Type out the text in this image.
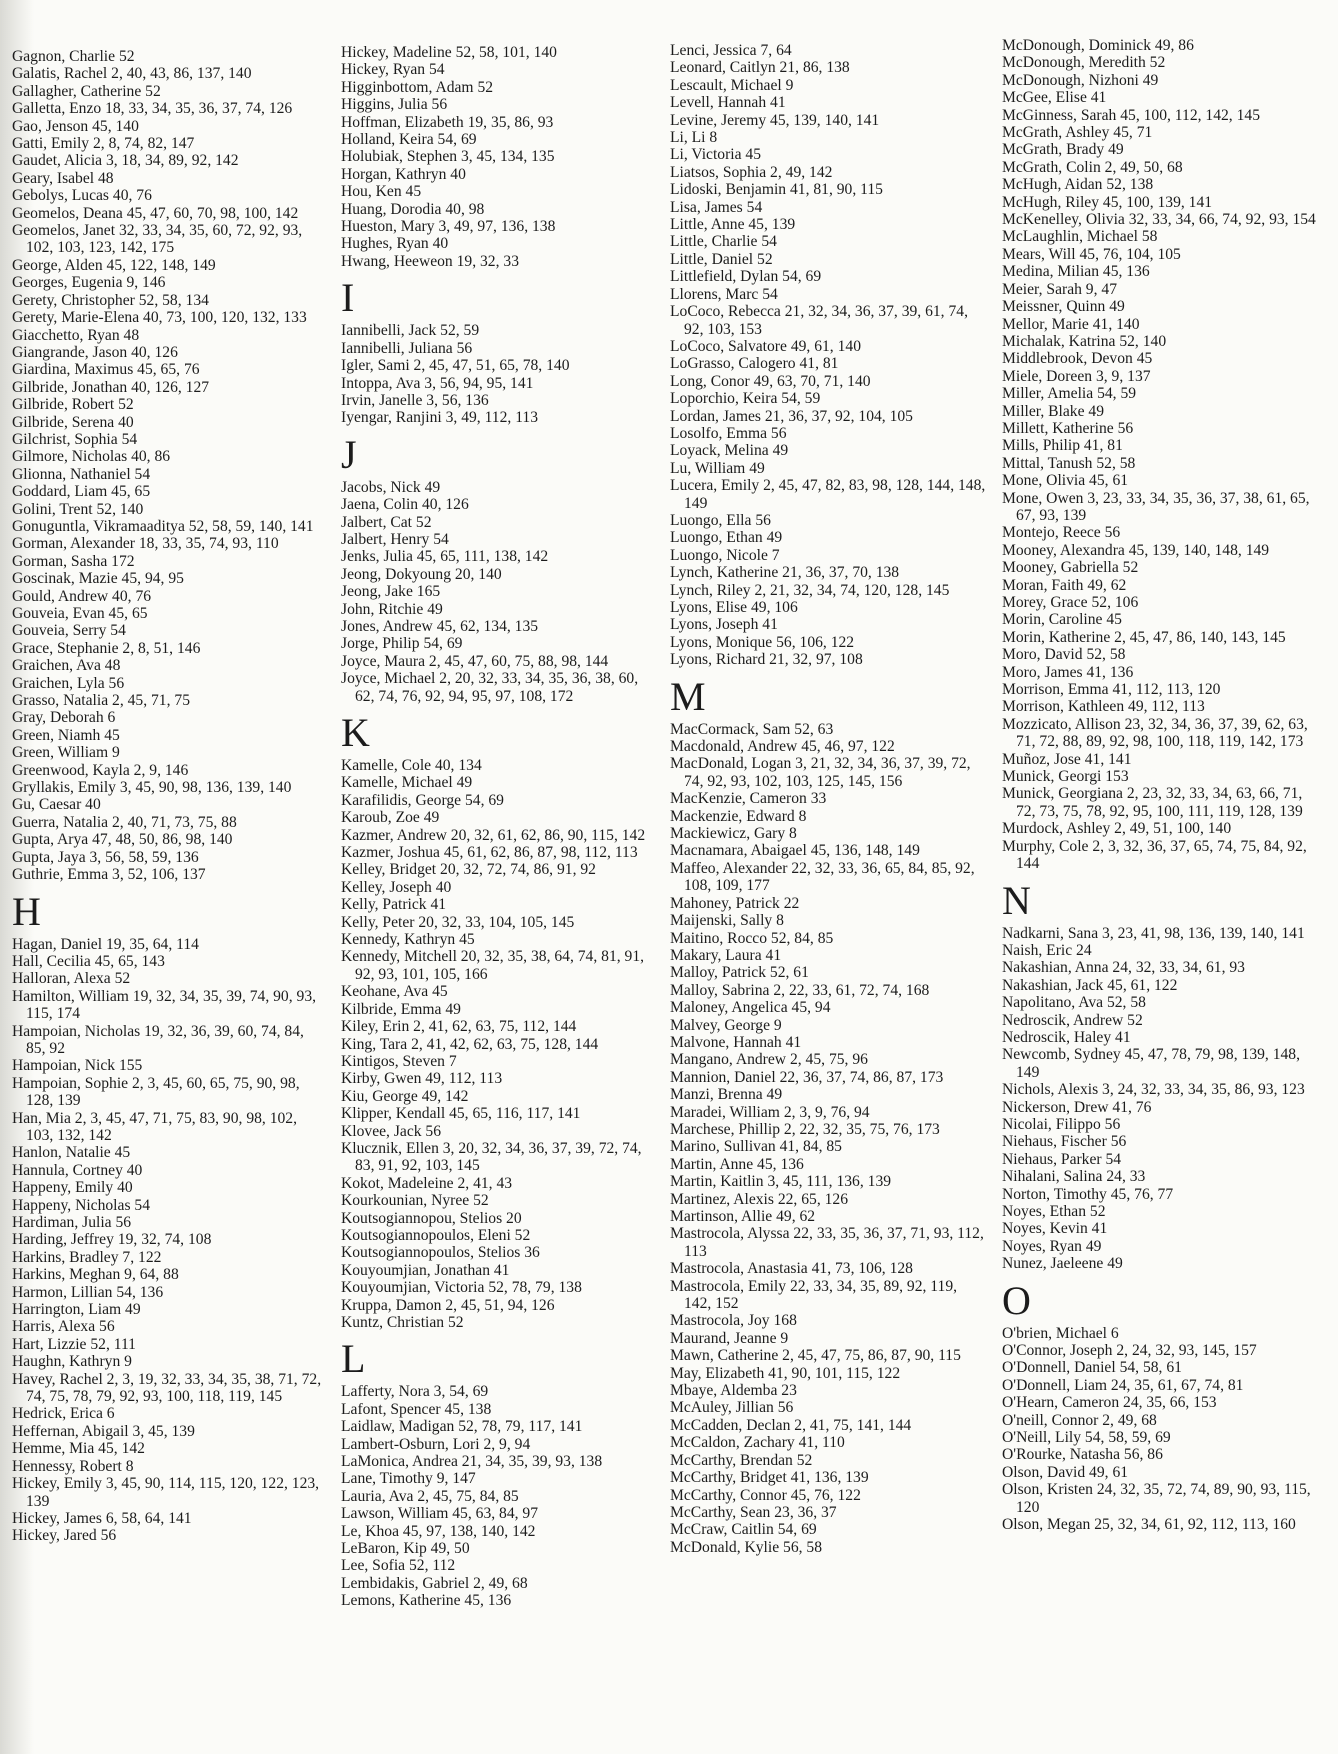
Gagnon, Charlie 52
Galatis, Rachel 2, 40, 43, 86, 137, 140
Gallagher, Catherine 52
Galletta, Enzo 18, 33, 34, 35, 36, 37, 74, 126
Gao, Jenson 45, 140
Gatti, Emily 2, 8, 74, 82, 147
Gaudet, Alicia 3, 18, 34, 89, 92, 142
Geary, Isabel 48
Gebolys, Lucas 40, 76
Geomelos, Deana 45, 47, 60, 70, 98, 100, 142
Geomelos, Janet 32, 33, 34, 35, 60, 72, 92, 93, 102, 103, 123, 142, 175
George, Alden 45, 122, 148, 149
Georges, Eugenia 9, 146
Gerety, Christopher 52, 58, 134
Gerety, Marie-Elena 40, 73, 100, 120, 132, 133
Giacchetto, Ryan 48
Giangrande, Jason 40, 126
Giardina, Maximus 45, 65, 76
Gilbride, Jonathan 40, 126, 127
Gilbride, Robert 52
Gilbride, Serena 40
Gilchrist, Sophia 54
Gilmore, Nicholas 40, 86
Glionna, Nathaniel 54
Goddard, Liam 45, 65
Golini, Trent 52, 140
Gonuguntla, Vikramaaditya 52, 58, 59, 140, 141
Gorman, Alexander 18, 33, 35, 74, 93, 110
Gorman, Sasha 172
Goscinak, Mazie 45, 94, 95
Gould, Andrew 40, 76
Gouveia, Evan 45, 65
Gouveia, Serry 54
Grace, Stephanie 2, 8, 51, 146
Graichen, Ava 48
Graichen, Lyla 56
Grasso, Natalia 2, 45, 71, 75
Gray, Deborah 6
Green, Niamh 45
Green, William 9
Greenwood, Kayla 2, 9, 146
Gryllakis, Emily 3, 45, 90, 98, 136, 139, 140
Gu, Caesar 40
Guerra, Natalia 2, 40, 71, 73, 75, 88
Gupta, Arya 47, 48, 50, 86, 98, 140
Gupta, Jaya 3, 56, 58, 59, 136
Guthrie, Emma 3, 52, 106, 137
H
Hagan, Daniel 19, 35, 64, 114
Hall, Cecilia 45, 65, 143
Halloran, Alexa 52
Hamilton, William 19, 32, 34, 35, 39, 74, 90, 93, 115, 174
Hampoian, Nicholas 19, 32, 36, 39, 60, 74, 84, 85, 92
Hampoian, Nick 155
Hampoian, Sophie 2, 3, 45, 60, 65, 75, 90, 98, 128, 139
Han, Mia 2, 3, 45, 47, 71, 75, 83, 90, 98, 102, 103, 132, 142
Hanlon, Natalie 45
Hannula, Cortney 40
Happeny, Emily 40
Happeny, Nicholas 54
Hardiman, Julia 56
Harding, Jeffrey 19, 32, 74, 108
Harkins, Bradley 7, 122
Harkins, Meghan 9, 64, 88
Harmon, Lillian 54, 136
Harrington, Liam 49
Harris, Alexa 56
Hart, Lizzie 52, 111
Haughn, Kathryn 9
Havey, Rachel 2, 3, 19, 32, 33, 34, 35, 38, 71, 72, 74, 75, 78, 79, 92, 93, 100, 118, 119, 145
Hedrick, Erica 6
Heffernan, Abigail 3, 45, 139
Hemme, Mia 45, 142
Hennessy, Robert 8
Hickey, Emily 3, 45, 90, 114, 115, 120, 122, 123, 139
Hickey, James 6, 58, 64, 141
Hickey, Jared 56
Hickey, Madeline 52, 58, 101, 140
Hickey, Ryan 54
Higginbottom, Adam 52
Higgins, Julia 56
Hoffman, Elizabeth 19, 35, 86, 93
Holland, Keira 54, 69
Holubiak, Stephen 3, 45, 134, 135
Horgan, Kathryn 40
Hou, Ken 45
Huang, Dorodia 40, 98
Hueston, Mary 3, 49, 97, 136, 138
Hughes, Ryan 40
Hwang, Heeweon 19, 32, 33
I
Iannibelli, Jack 52, 59
Iannibelli, Juliana 56
Igler, Sami 2, 45, 47, 51, 65, 78, 140
Intoppa, Ava 3, 56, 94, 95, 141
Irvin, Janelle 3, 56, 136
Iyengar, Ranjini 3, 49, 112, 113
J
Jacobs, Nick 49
Jaena, Colin 40, 126
Jalbert, Cat 52
Jalbert, Henry 54
Jenks, Julia 45, 65, 111, 138, 142
Jeong, Dokyoung 20, 140
Jeong, Jake 165
John, Ritchie 49
Jones, Andrew 45, 62, 134, 135
Jorge, Philip 54, 69
Joyce, Maura 2, 45, 47, 60, 75, 88, 98, 144
Joyce, Michael 2, 20, 32, 33, 34, 35, 36, 38, 60, 62, 74, 76, 92, 94, 95, 97, 108, 172
K
Kamelle, Cole 40, 134
Kamelle, Michael 49
Karafilidis, George 54, 69
Karoub, Zoe 49
Kazmer, Andrew 20, 32, 61, 62, 86, 90, 115, 142
Kazmer, Joshua 45, 61, 62, 86, 87, 98, 112, 113
Kelley, Bridget 20, 32, 72, 74, 86, 91, 92
Kelley, Joseph 40
Kelly, Patrick 41
Kelly, Peter 20, 32, 33, 104, 105, 145
Kennedy, Kathryn 45
Kennedy, Mitchell 20, 32, 35, 38, 64, 74, 81, 91, 92, 93, 101, 105, 166
Keohane, Ava 45
Kilbride, Emma 49
Kiley, Erin 2, 41, 62, 63, 75, 112, 144
King, Tara 2, 41, 42, 62, 63, 75, 128, 144
Kintigos, Steven 7
Kirby, Gwen 49, 112, 113
Kiu, George 49, 142
Klipper, Kendall 45, 65, 116, 117, 141
Klovee, Jack 56
Klucznik, Ellen 3, 20, 32, 34, 36, 37, 39, 72, 74, 83, 91, 92, 103, 145
Kokot, Madeleine 2, 41, 43
Kourkounian, Nyree 52
Koutsogiannopou, Stelios 20
Koutsogiannopoulos, Eleni 52
Koutsogiannopoulos, Stelios 36
Kouyoumjian, Jonathan 41
Kouyoumjian, Victoria 52, 78, 79, 138
Kruppa, Damon 2, 45, 51, 94, 126
Kuntz, Christian 52
L
Lafferty, Nora 3, 54, 69
Lafont, Spencer 45, 138
Laidlaw, Madigan 52, 78, 79, 117, 141
Lambert-Osburn, Lori 2, 9, 94
LaMonica, Andrea 21, 34, 35, 39, 93, 138
Lane, Timothy 9, 147
Lauria, Ava 2, 45, 75, 84, 85
Lawson, William 45, 63, 84, 97
Le, Khoa 45, 97, 138, 140, 142
LeBaron, Kip 49, 50
Lee, Sofia 52, 112
Lembidakis, Gabriel 2, 49, 68
Lemons, Katherine 45, 136
Lenci, Jessica 7, 64
Leonard, Caitlyn 21, 86, 138
Lescault, Michael 9
Levell, Hannah 41
Levine, Jeremy 45, 139, 140, 141
Li, Li 8
Li, Victoria 45
Liatsos, Sophia 2, 49, 142
Lidoski, Benjamin 41, 81, 90, 115
Lisa, James 54
Little, Anne 45, 139
Little, Charlie 54
Little, Daniel 52
Littlefield, Dylan 54, 69
Llorens, Marc 54
LoCoco, Rebecca 21, 32, 34, 36, 37, 39, 61, 74, 92, 103, 153
LoCoco, Salvatore 49, 61, 140
LoGrasso, Calogero 41, 81
Long, Conor 49, 63, 70, 71, 140
Loporchio, Keira 54, 59
Lordan, James 21, 36, 37, 92, 104, 105
Losolfo, Emma 56
Loyack, Melina 49
Lu, William 49
Lucera, Emily 2, 45, 47, 82, 83, 98, 128, 144, 148, 149
Luongo, Ella 56
Luongo, Ethan 49
Luongo, Nicole 7
Lynch, Katherine 21, 36, 37, 70, 138
Lynch, Riley 2, 21, 32, 34, 74, 120, 128, 145
Lyons, Elise 49, 106
Lyons, Joseph 41
Lyons, Monique 56, 106, 122
Lyons, Richard 21, 32, 97, 108
M
MacCormack, Sam 52, 63
Macdonald, Andrew 45, 46, 97, 122
MacDonald, Logan 3, 21, 32, 34, 36, 37, 39, 72, 74, 92, 93, 102, 103, 125, 145, 156
MacKenzie, Cameron 33
Mackenzie, Edward 8
Mackiewicz, Gary 8
Macnamara, Abaigael 45, 136, 148, 149
Maffeo, Alexander 22, 32, 33, 36, 65, 84, 85, 92, 108, 109, 177
Mahoney, Patrick 22
Maijenski, Sally 8
Maitino, Rocco 52, 84, 85
Makary, Laura 41
Malloy, Patrick 52, 61
Malloy, Sabrina 2, 22, 33, 61, 72, 74, 168
Maloney, Angelica 45, 94
Malvey, George 9
Malvone, Hannah 41
Mangano, Andrew 2, 45, 75, 96
Mannion, Daniel 22, 36, 37, 74, 86, 87, 173
Manzi, Brenna 49
Maradei, William 2, 3, 9, 76, 94
Marchese, Phillip 2, 22, 32, 35, 75, 76, 173
Marino, Sullivan 41, 84, 85
Martin, Anne 45, 136
Martin, Kaitlin 3, 45, 111, 136, 139
Martinez, Alexis 22, 65, 126
Martinson, Allie 49, 62
Mastrocola, Alyssa 22, 33, 35, 36, 37, 71, 93, 112, 113
Mastrocola, Anastasia 41, 73, 106, 128
Mastrocola, Emily 22, 33, 34, 35, 89, 92, 119, 142, 152
Mastrocola, Joy 168
Maurand, Jeanne 9
Mawn, Catherine 2, 45, 47, 75, 86, 87, 90, 115
May, Elizabeth 41, 90, 101, 115, 122
Mbaye, Aldemba 23
McAuley, Jillian 56
McCadden, Declan 2, 41, 75, 141, 144
McCaldon, Zachary 41, 110
McCarthy, Brendan 52
McCarthy, Bridget 41, 136, 139
McCarthy, Connor 45, 76, 122
McCarthy, Sean 23, 36, 37
McCraw, Caitlin 54, 69
McDonald, Kylie 56, 58
McDonough, Dominick 49, 86
McDonough, Meredith 52
McDonough, Nizhoni 49
McGee, Elise 41
McGinness, Sarah 45, 100, 112, 142, 145
McGrath, Ashley 45, 71
McGrath, Brady 49
McGrath, Colin 2, 49, 50, 68
McHugh, Aidan 52, 138
McHugh, Riley 45, 100, 139, 141
McKenelley, Olivia 32, 33, 34, 66, 74, 92, 93, 154
McLaughlin, Michael 58
Mears, Will 45, 76, 104, 105
Medina, Milian 45, 136
Meier, Sarah 9, 47
Meissner, Quinn 49
Mellor, Marie 41, 140
Michalak, Katrina 52, 140
Middlebrook, Devon 45
Miele, Doreen 3, 9, 137
Miller, Amelia 54, 59
Miller, Blake 49
Millett, Katherine 56
Mills, Philip 41, 81
Mittal, Tanush 52, 58
Mone, Olivia 45, 61
Mone, Owen 3, 23, 33, 34, 35, 36, 37, 38, 61, 65, 67, 93, 139
Montejo, Reece 56
Mooney, Alexandra 45, 139, 140, 148, 149
Mooney, Gabriella 52
Moran, Faith 49, 62
Morey, Grace 52, 106
Morin, Caroline 45
Morin, Katherine 2, 45, 47, 86, 140, 143, 145
Moro, David 52, 58
Moro, James 41, 136
Morrison, Emma 41, 112, 113, 120
Morrison, Kathleen 49, 112, 113
Mozzicato, Allison 23, 32, 34, 36, 37, 39, 62, 63, 71, 72, 88, 89, 92, 98, 100, 118, 119, 142, 173
Muñoz, Jose 41, 141
Munick, Georgi 153
Munick, Georgiana 2, 23, 32, 33, 34, 63, 66, 71, 72, 73, 75, 78, 92, 95, 100, 111, 119, 128, 139
Murdock, Ashley 2, 49, 51, 100, 140
Murphy, Cole 2, 3, 32, 36, 37, 65, 74, 75, 84, 92, 144
N
Nadkarni, Sana 3, 23, 41, 98, 136, 139, 140, 141
Naish, Eric 24
Nakashian, Anna 24, 32, 33, 34, 61, 93
Nakashian, Jack 45, 61, 122
Napolitano, Ava 52, 58
Nedroscik, Andrew 52
Nedroscik, Haley 41
Newcomb, Sydney 45, 47, 78, 79, 98, 139, 148, 149
Nichols, Alexis 3, 24, 32, 33, 34, 35, 86, 93, 123
Nickerson, Drew 41, 76
Nicolai, Filippo 56
Niehaus, Fischer 56
Niehaus, Parker 54
Nihalani, Salina 24, 33
Norton, Timothy 45, 76, 77
Noyes, Ethan 52
Noyes, Kevin 41
Noyes, Ryan 49
Nunez, Jaeleene 49
O
O'brien, Michael 6
O'Connor, Joseph 2, 24, 32, 93, 145, 157
O'Donnell, Daniel 54, 58, 61
O'Donnell, Liam 24, 35, 61, 67, 74, 81
O'Hearn, Cameron 24, 35, 66, 153
O'neill, Connor 2, 49, 68
O'Neill, Lily 54, 58, 59, 69
O'Rourke, Natasha 56, 86
Olson, David 49, 61
Olson, Kristen 24, 32, 35, 72, 74, 89, 90, 93, 115, 120
Olson, Megan 25, 32, 34, 61, 92, 112, 113, 160
